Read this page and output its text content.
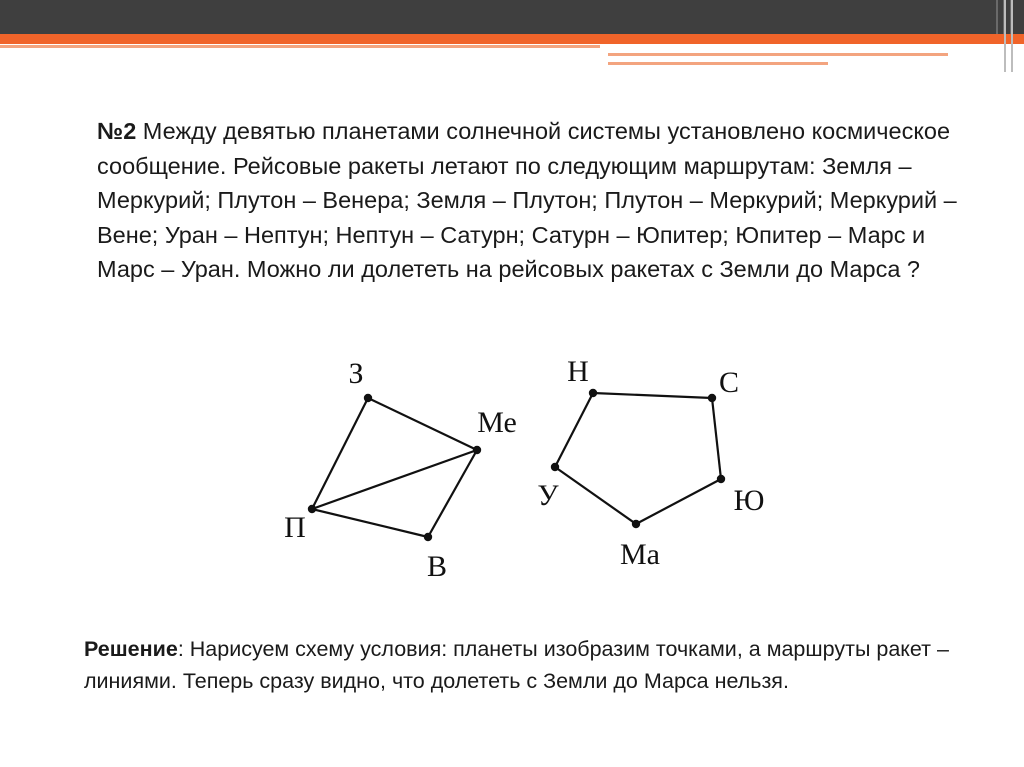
№2 Между девятью планетами солнечной системы установлено космическое сообщение. Рейсовые ракеты летают по следующим маршрутам: Земля – Меркурий; Плутон – Венера; Земля – Плутон; Плутон – Меркурий; Меркурий – Вене; Уран – Нептун; Нептун – Сатурн; Сатурн – Юпитер; Юпитер – Марс и Марс – Уран. Можно ли долететь на рейсовых ракетах с Земли до Марса ?
З
Ме
П
В
Н	С
У	Ю
Ма
Решение: Нарисуем схему условия: планеты изобразим точками, а маршруты ракет – линиями. Теперь сразу видно, что долететь с Земли до Марса нельзя.
